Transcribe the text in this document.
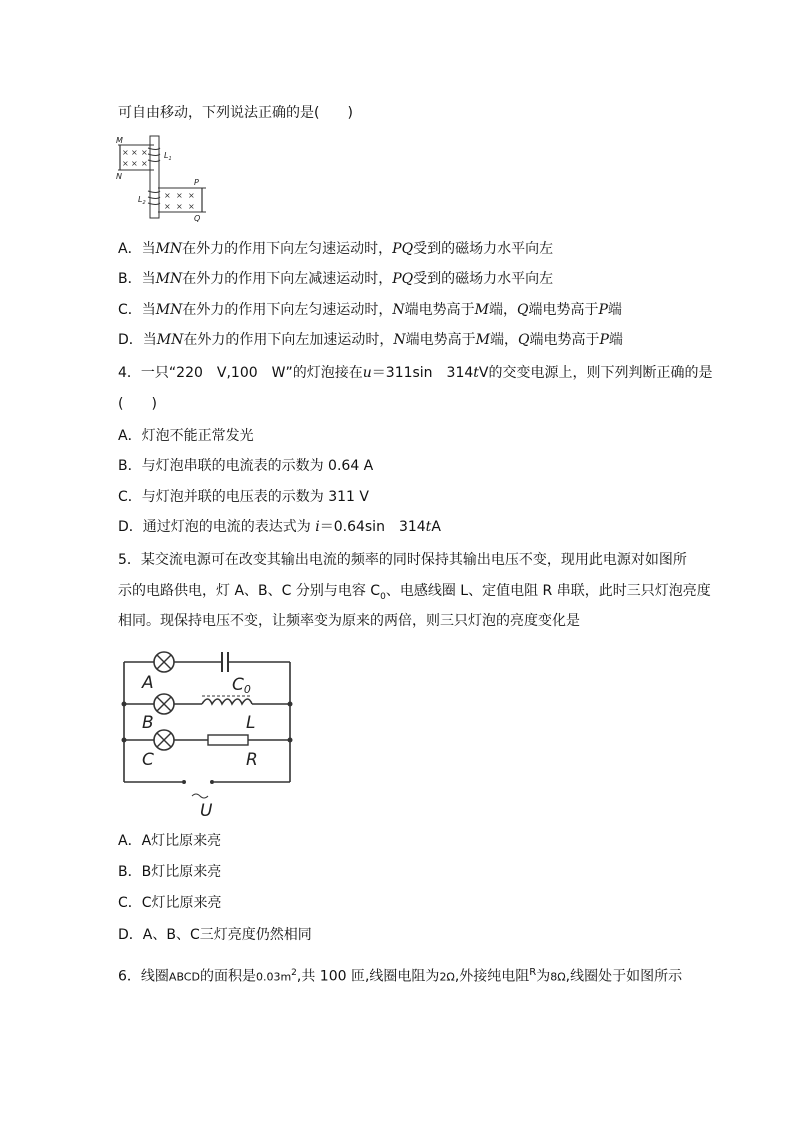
可自由移动，下列说法正确的是(　　)
× × ×
× × ×
× × ×
× × ×
M
N
$L_1$
$L_2$
P
Q
A．当MN在外力的作用下向左匀速运动时，PQ受到的磁场力水平向左
B．当MN在外力的作用下向左减速运动时，PQ受到的磁场力水平向左
C．当MN在外力的作用下向左匀速运动时，N端电势高于M端，Q端电势高于P端
D．当MN在外力的作用下向左加速运动时，N端电势高于M端，Q端电势高于P端
4．一只“220　V,100　W”的灯泡接在u＝311sin　314tV的交变电源上，则下列判断正确的是
(　　)
A．灯泡不能正常发光
B．与灯泡串联的电流表的示数为 0.64 A
C．与灯泡并联的电压表的示数为 311 V
D．通过灯泡的电流的表达式为 i＝0.64sin　314tA
5．某交流电源可在改变其输出电流的频率的同时保持其输出电压不变，现用此电源对如图所
示的电路供电，灯 A、B、C 分别与电容 $C_0$、电感线圈 L、定值电阻 R 串联，此时三只灯泡亮度
相同。现保持电压不变，让频率变为原来的两倍，则三只灯泡的亮度变化是
A
B
C
C0
L
R
U
A．A灯比原来亮
B．B灯比原来亮
C．C灯比原来亮
D．A、B、C三灯亮度仍然相同
6．线圈ABCD的面积是$0.03m^2$,共 100 匝,线圈电阻为2Ω,外接纯电阻$^R$为8Ω,线圈处于如图所示
